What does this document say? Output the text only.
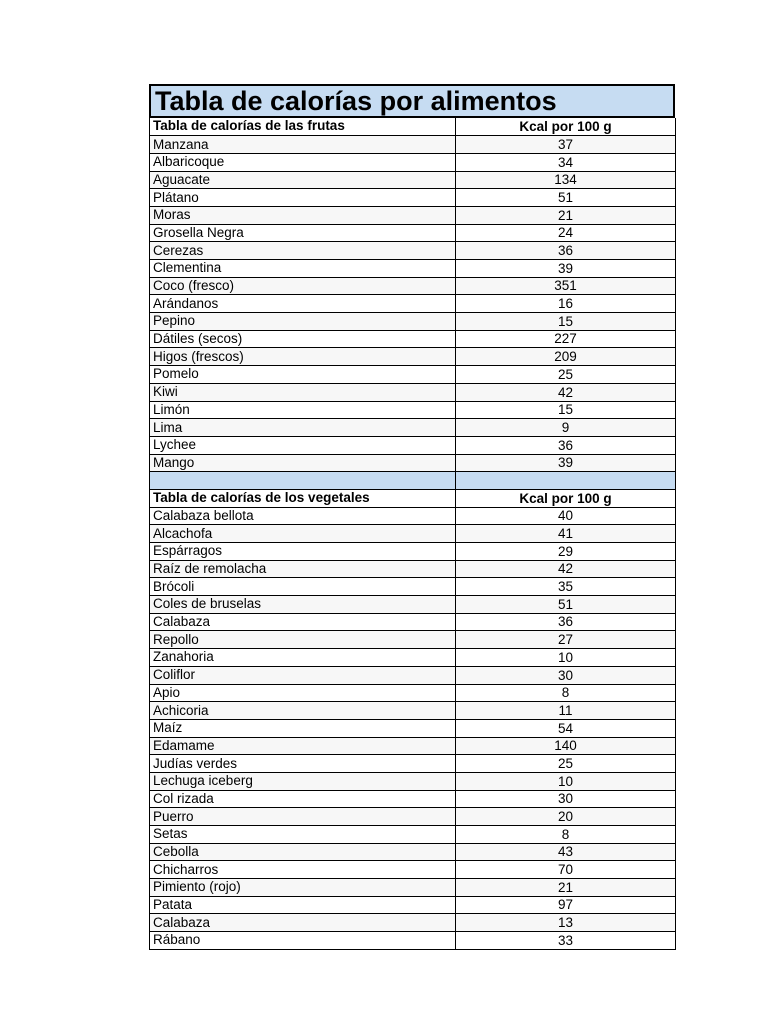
Tabla de calorías por alimentos
Tabla de calorías de las frutas	Kcal por 100 g
Manzana	37
Albaricoque	34
Aguacate	134
Plátano	51
Moras	21
Grosella Negra	24
Cerezas	36
Clementina	39
Coco (fresco)	351
Arándanos	16
Pepino	15
Dátiles (secos)	227
Higos (frescos)	209
Pomelo	25
Kiwi	42
Limón	15
Lima	9
Lychee	36
Mango	39

Tabla de calorías de los vegetales	Kcal por 100 g
Calabaza bellota	40
Alcachofa	41
Espárragos	29
Raíz de remolacha	42
Brócoli	35
Coles de bruselas	51
Calabaza	36
Repollo	27
Zanahoria	10
Coliflor	30
Apio	8
Achicoria	11
Maíz	54
Edamame	140
Judías verdes	25
Lechuga iceberg	10
Col rizada	30
Puerro	20
Setas	8
Cebolla	43
Chicharros	70
Pimiento (rojo)	21
Patata	97
Calabaza	13
Rábano	33
